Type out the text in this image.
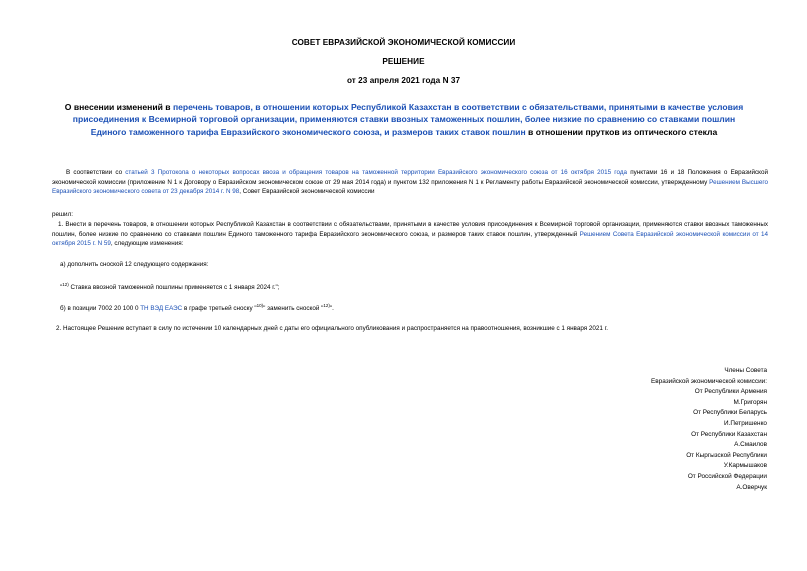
СОВЕТ ЕВРАЗИЙСКОЙ ЭКОНОМИЧЕСКОЙ КОМИССИИ
РЕШЕНИЕ
от 23 апреля 2021 года N 37
О внесении изменений в перечень товаров, в отношении которых Республикой Казахстан в соответствии с обязательствами, принятыми в качестве условия присоединения к Всемирной торговой организации, применяются ставки ввозных таможенных пошлин, более низкие по сравнению со ставками пошлин Единого таможенного тарифа Евразийского экономического союза, и размеров таких ставок пошлин в отношении прутков из оптического стекла
В соответствии со статьей 3 Протокола о некоторых вопросах ввоза и обращения товаров на таможенной территории Евразийского экономического союза от 16 октября 2015 года пунктами 16 и 18 Положения о Евразийской экономической комиссии (приложение N 1 к Договору о Евразийском экономическом союзе от 29 мая 2014 года) и пунктом 132 приложения N 1 к Регламенту работы Евразийской экономической комиссии, утвержденному Решением Высшего Евразийского экономического совета от 23 декабря 2014 г. N 98, Совет Евразийской экономической комиссии
решил:
1. Внести в перечень товаров, в отношении которых Республикой Казахстан в соответствии с обязательствами, принятыми в качестве условия присоединения к Всемирной торговой организации, применяются ставки ввозных таможенных пошлин, более низкие по сравнению со ставками пошлин Единого таможенного тарифа Евразийского экономического союза, и размеров таких ставок пошлин, утвержденный Решением Совета Евразийской экономической комиссии от 14 октября 2015 г. N 59, следующие изменения:
а) дополнить сноской 12 следующего содержания:
"$^{12)}$ Ставка ввозной таможенной пошлины применяется с 1 января 2024 г.";
б) в позиции 7002 20 100 0 ТН ВЭД ЕАЭС в графе третьей сноску "$^{10)}$" заменить сноской "$^{12)}$".
2. Настоящее Решение вступает в силу по истечении 10 календарных дней с даты его официального опубликования и распространяется на правоотношения, возникшие с 1 января 2021 г.
Члены Совета
Евразийской экономической комиссии:
От Республики Армения
М.Григорян
От Республики Беларусь
И.Петришенко
От Республики Казахстан
А.Смаилов
От Кыргызской Республики
У.Кармышаков
От Российской Федерации
А.Оверчук
